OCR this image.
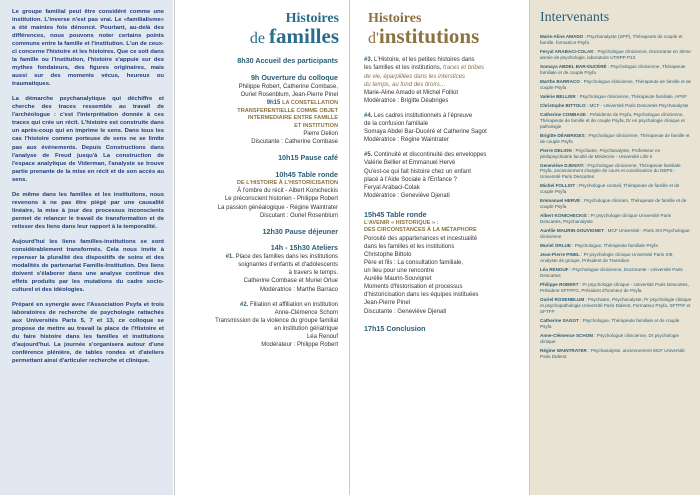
Le groupe familial peut être considéré comme une institution. L'inverse n'est pas vrai. Le «familialisme» a été maintes fois dénoncé. Pourtant, au-delà des différences, nous pouvons noter certains points communs entre la famille et l'institution. L'un de ceux-ci concerne l'histoire et les histoires. Que ce soit dans la famille ou l'institution, l'histoire s'appuie sur des mythes fondateurs, des figures originaires, mais aussi sur des moments vécus, heureux ou traumatiques.

La démarche psychanalytique qui déchiffre et cherche des traces ressemble au travail de l'archéologue : c'est l'interprétation donnée à ces traces qui crée un récit. L'histoire est construite dans un après-coup qui en imprime le sens. Dans tous les cas l'histoire comme porteuse de sens ne se limite pas aux événements. Depuis Constructions dans l'analyse de Freud jusqu'à La construction de l'espace analytique de Viderman, l'analyste se trouve partie prenante de la mise en récit et de son accès au sens.

De même dans les familles et les institutions, nous revenons à ne pas être piégé par une causalité linéaire, la mise à jour des processus inconscients permet de relancer le travail de transformation et de retisser des liens dans leur rapport à la temporalité.

Aujourd'hui les liens familles-institutions se sont considérablement transformés. Cela nous invite à repenser la pluralité des dispositifs de soins et des modalités de partenariat Famille-Institution. Des liens doivent s'élaborer dans une analyse continue des effets produits par les mutations du cadre socio-culturel et des idéologies.

Préparé en synergie avec l'Association Psyfa et trois laboratoires de recherche de psychologie rattachés aux Universités Paris 5, 7 et 13, ce colloque se propose de mettre au travail la place de l'Histoire et du faire histoire dans les familles et institutions d'aujourd'hui. La journée s'organisera autour d'une conférence plénière, de tables rondes et d'ateliers permettant ainsi d'articuler recherche et clinique.

Histoires
de familles
8h30 Accueil des participants
9h Ouverture du colloque
Philippe Robert, Catherine Combase,
Ouriel Rosenblum, Jean-Pierre Pinel
9h15 LA CONSTELLATION
TRANSFERENTIELLE COMME OBJET
INTERMEDIAIRE ENTRE FAMILLE
ET INSTITUTION
Pierre Delion
Discutante : Catherine Combase
10h15 Pause café
10h45 Table ronde
DE L'HISTOIRE À L'HISTORICISATION
À l'ombre du récit - Albert Konicheckis
Le préconscient historien - Philippe Robert
La passion généalogique - Régine Waintrater
Discutant : Ouriel Rosenblum
12h30 Pause déjeuner
14h - 15h30 Ateliers
#1. Place des familles dans les institutions
soignantes d'enfants et d'adolescents
à travers le temps.
Catherine Combase et Muriel Orlue
Modératrice : Marthe Barraco
#2. Filiation et affiliation en institution
Anne-Clémence Schom
Transmission de la violence du groupe familial
en institution gériatrique
Léa Renouf
Modérateur : Philippe Robert
Histoires
d'institutions
#3. L'Histoire, et les petites histoires dans
les familles et les institutions, traces et bribes
de vie, éparpillées dans les interstices
du temps, au fond des tiroirs…
Marie-Aline Amado et Michel Folliot
Modératrice : Brigitte Déabriges
#4. Les cadres institutionnels à l'épreuve
de la confusion familiale
Somaya Abdel Bar-Ducéré et Catherine Sagot
Modératrice : Régine Waintrater
#5. Continuité et discontinuité des enveloppes
Valérie Bellier et Emmanuel Hervé
Qu'est-ce qui fait histoire chez un enfant
placé à l'Aide Sociale à l'Enfance ?
Feryal Arabaci-Colak
Modératrice : Geneviève Djenati
15h45 Table ronde
L'AVENIR « HISTORIQUE » :
DES CIRCONSTANCES À LA MÉTAPHORE
Porosité des appartenances et incestualité
dans les familles et les institutions
Christophe Bittolo
Père et fils : La consultation familiale,
un lieu pour une rencontre
Aurélie Maurin-Souvignet
Moments d'historisation et processus
d'historicisation dans les équipes instituées
Jean-Pierre Pinel
Discutante : Geneviève Djenati
17h15 Conclusion
Intervenants
Marie-Aline AMADO : Psychanalyste (SPP), Thérapeute de couple et famille, formatrice Psyfa
Feryal ARABACI-COLAK : Psychologue clinicienne, Doctorante en 3ème année de psychologie, laboratoire UTRPP P13
Somaya ABDEL BAR-DUCÉRÉ : Psychologue clinicienne, Thérapeute familiale et de couple Psyfa
Marthe BARRACO : Psychologue clinicienne, Thérapeute de famille et de couple Psyfa
Valérie BELLIER : Psychologue clinicienne, Thérapeute familiale, APSF
Christophe BITTOLO : MCF - Université Paris Descartes Psychanalyste
Catherine COMBASE : Présidente de Psyfa, Psychologue clinicienne, Thérapeute de famille et de couple Psyfa, Dr en psychologie clinique et pathologie
Brigitte DÉABRIGES : Psychologue clinicienne, Thérapeute de famille et de couple Psyfa
Pierre DELION : Psychiatre, Psychanalyste, Professeur en pédopsychiatrie faculté de Médecine - Université Lille II
Geneviève DJENATI : Psychologue clinicienne, Thérapeute familiale Psyfa, anciennement chargée de cours et coordinatrice du DEPS - Université Paris Descartes
Michel FOLLIOT : Psychologue conseil, Thérapeute de famille et de couple Psyfa
Emmanuel HERVÉ : Psychologue clinicien, Thérapeute de famille et de couple Psyfa
Albert KONICHECKIS : Pr psychologie clinique Université Paris Descartes, Psychanalyste
Aurélie MAURIN-SOUVIGNET : MCF Université - Paris XIII Psychologue clinicienne
Muriel ORLUE : Psychologue, Thérapeute familiale Psyfa
Jean-Pierre PINEL : Pr psychologie clinique Université Paris XIII, Analyste de groupe, Président de Transition
Léa RENOUF : Psychologue clinicienne, Doctorante - Université Paris Descartes
Philippe ROBERT : Pr psychologie clinique - Université Paris Descartes, Président SFTPFG, Président d'honneur de Psyfa
Ouriel ROSENBLUM : Psychiatre, Psychanalyste, Pr psychologie clinique et psychopathologie Université Paris Diderot, Formateur Psyfa, SFTPIF et SFTFP
Catherine SAGOT : Psychologue, Thérapeute familiale et de couple Psyfa
Anne-Clémence SCHOM : Psychologue clinicienne, Dr psychologie clinique
Régine WAINTRATER : Psychanalyste, anciennement MCF Université Paris Diderot
